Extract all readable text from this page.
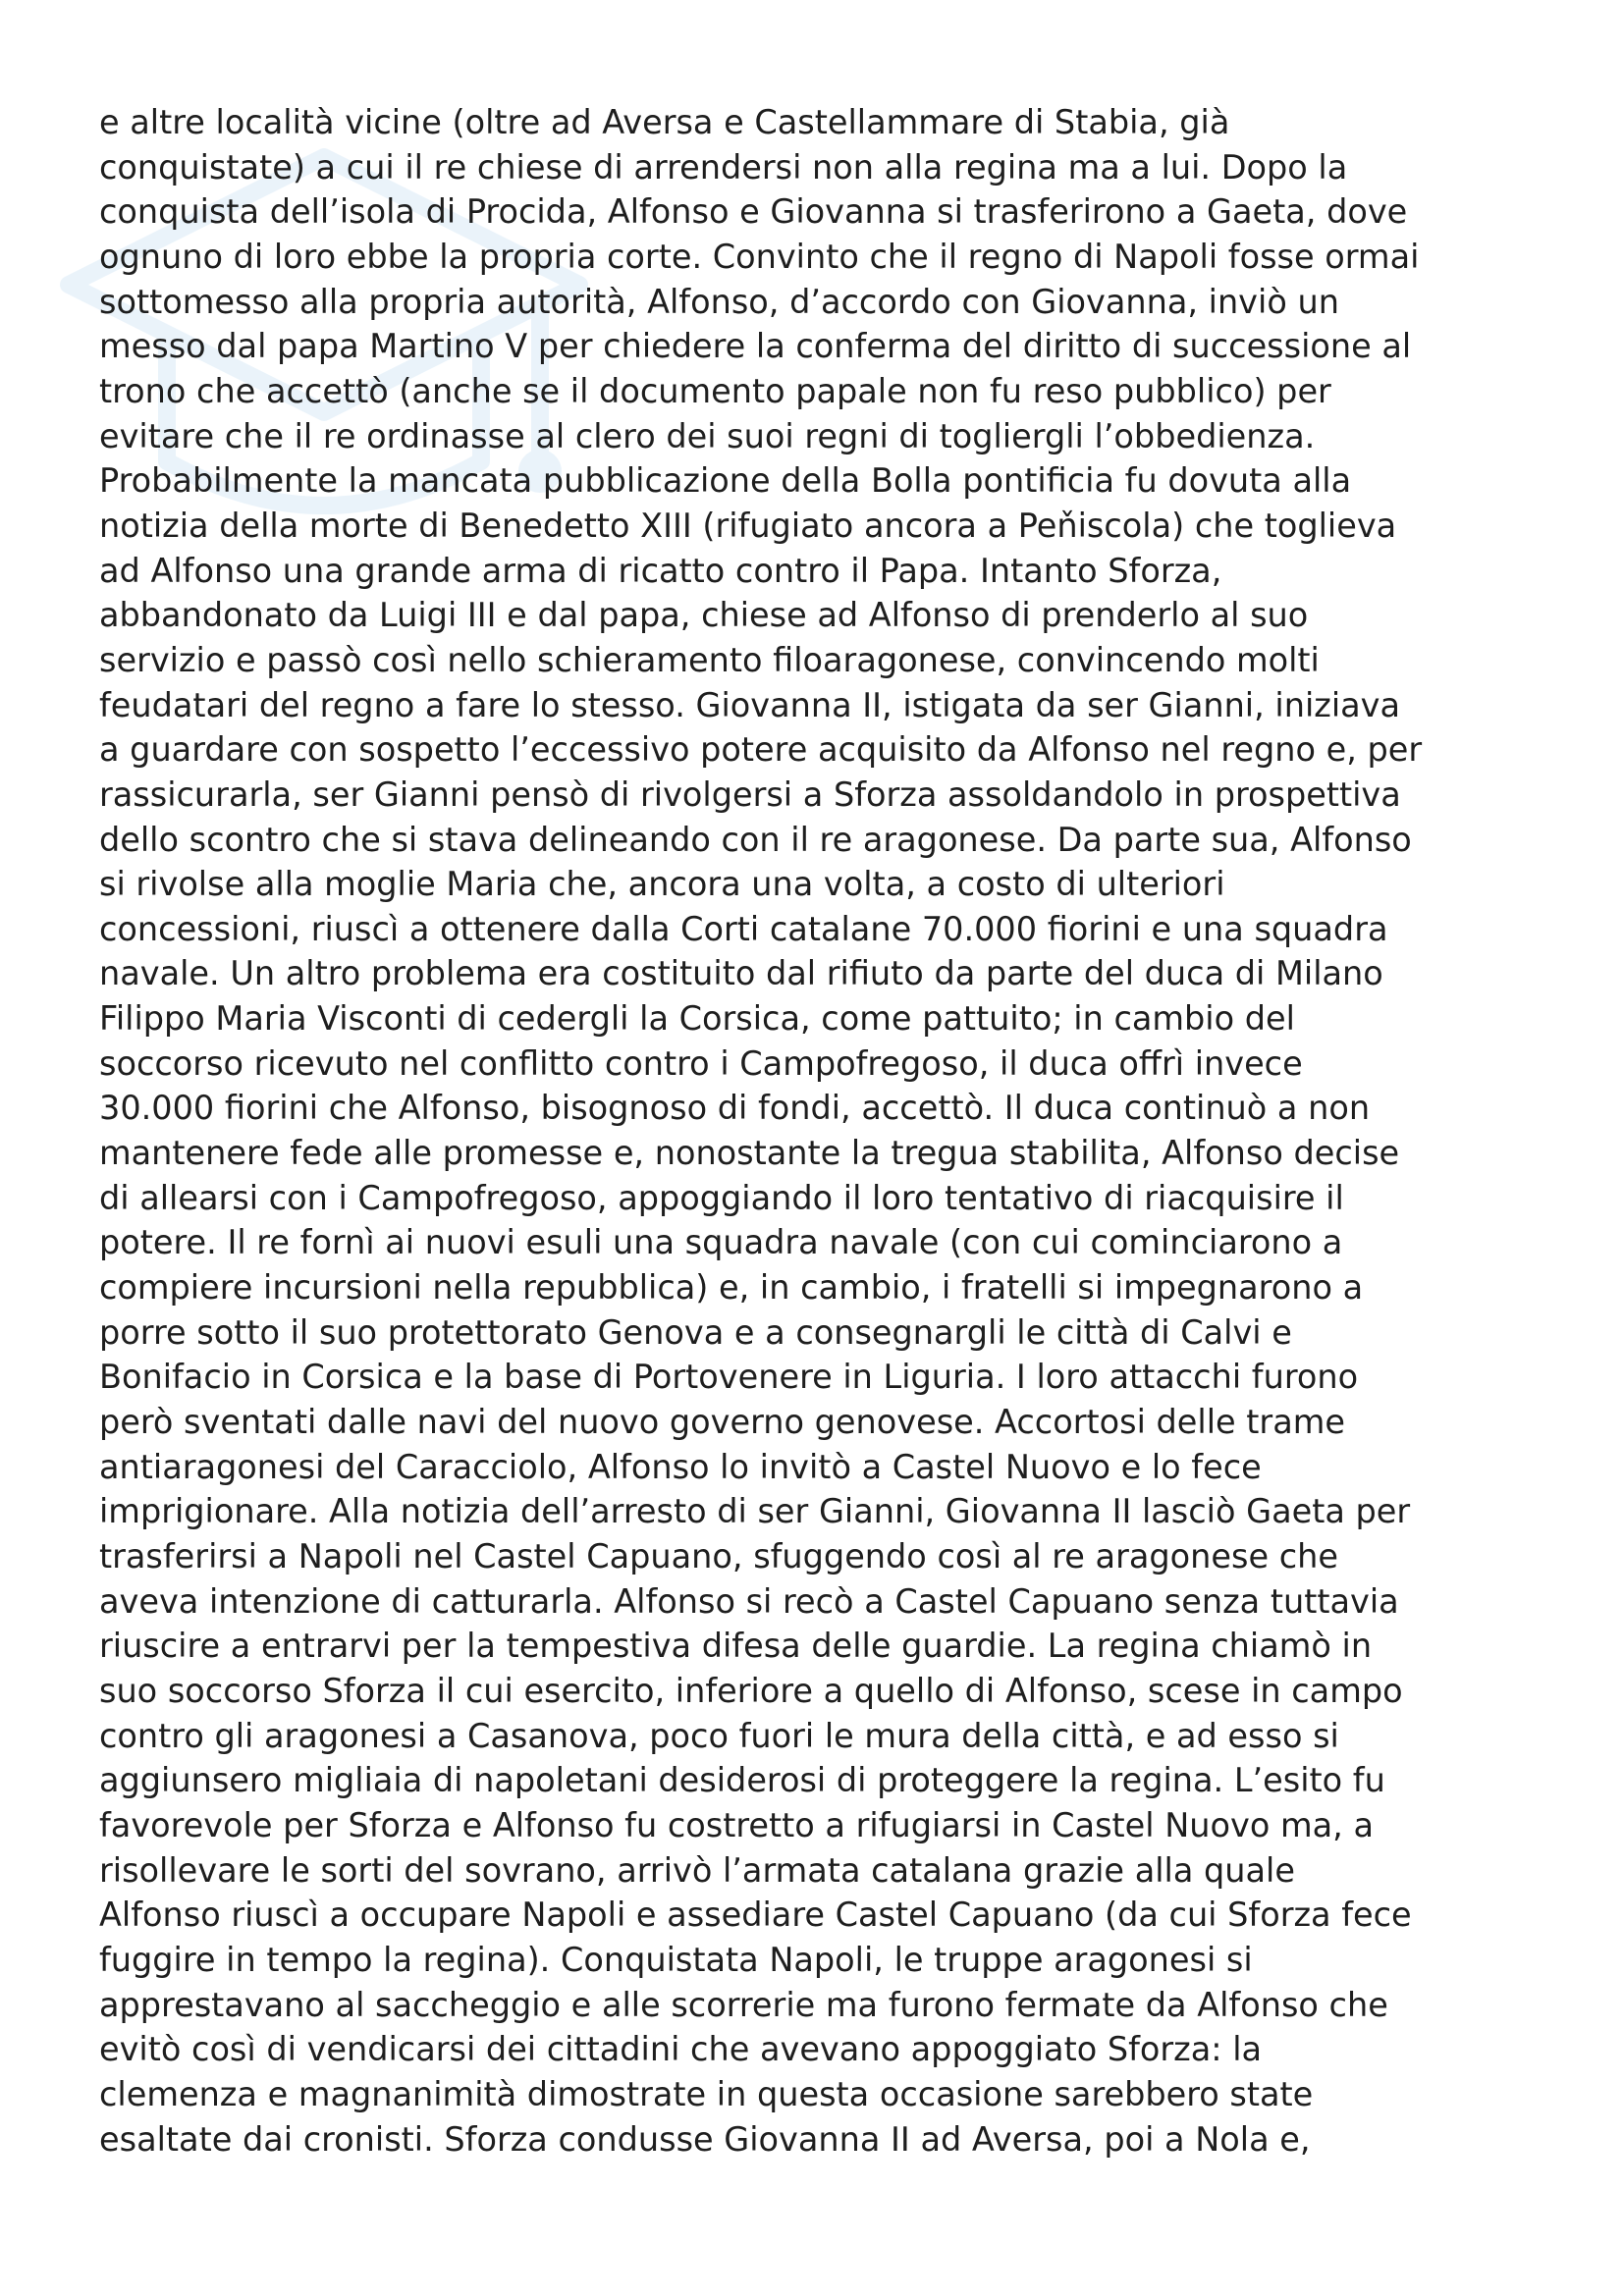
e altre località vicine (oltre ad Aversa e Castellammare di Stabia, già
conquistate) a cui il re chiese di arrendersi non alla regina ma a lui. Dopo la
conquista dell’isola di Procida, Alfonso e Giovanna si trasferirono a Gaeta, dove
ognuno di loro ebbe la propria corte. Convinto che il regno di Napoli fosse ormai
sottomesso alla propria autorità, Alfonso, d’accordo con Giovanna, inviò un
messo dal papa Martino V per chiedere la conferma del diritto di successione al
trono che accettò (anche se il documento papale non fu reso pubblico) per
evitare che il re ordinasse al clero dei suoi regni di togliergli l’obbedienza.
Probabilmente la mancata pubblicazione della Bolla pontificia fu dovuta alla
notizia della morte di Benedetto XIII (rifugiato ancora a Peňiscola) che toglieva
ad Alfonso una grande arma di ricatto contro il Papa. Intanto Sforza,
abbandonato da Luigi III e dal papa, chiese ad Alfonso di prenderlo al suo
servizio e passò così nello schieramento filoaragonese, convincendo molti
feudatari del regno a fare lo stesso. Giovanna II, istigata da ser Gianni, iniziava
a guardare con sospetto l’eccessivo potere acquisito da Alfonso nel regno e, per
rassicurarla, ser Gianni pensò di rivolgersi a Sforza assoldandolo in prospettiva
dello scontro che si stava delineando con il re aragonese. Da parte sua, Alfonso
si rivolse alla moglie Maria che, ancora una volta, a costo di ulteriori
concessioni, riuscì a ottenere dalla Corti catalane 70.000 fiorini e una squadra
navale. Un altro problema era costituito dal rifiuto da parte del duca di Milano
Filippo Maria Visconti di cedergli la Corsica, come pattuito; in cambio del
soccorso ricevuto nel conflitto contro i Campofregoso, il duca offrì invece
30.000 fiorini che Alfonso, bisognoso di fondi, accettò. Il duca continuò a non
mantenere fede alle promesse e, nonostante la tregua stabilita, Alfonso decise
di allearsi con i Campofregoso, appoggiando il loro tentativo di riacquisire il
potere. Il re fornì ai nuovi esuli una squadra navale (con cui cominciarono a
compiere incursioni nella repubblica) e, in cambio, i fratelli si impegnarono a
porre sotto il suo protettorato Genova e a consegnargli le città di Calvi e
Bonifacio in Corsica e la base di Portovenere in Liguria. I loro attacchi furono
però sventati dalle navi del nuovo governo genovese. Accortosi delle trame
antiaragonesi del Caracciolo, Alfonso lo invitò a Castel Nuovo e lo fece
imprigionare. Alla notizia dell’arresto di ser Gianni, Giovanna II lasciò Gaeta per
trasferirsi a Napoli nel Castel Capuano, sfuggendo così al re aragonese che
aveva intenzione di catturarla. Alfonso si recò a Castel Capuano senza tuttavia
riuscire a entrarvi per la tempestiva difesa delle guardie. La regina chiamò in
suo soccorso Sforza il cui esercito, inferiore a quello di Alfonso, scese in campo
contro gli aragonesi a Casanova, poco fuori le mura della città, e ad esso si
aggiunsero migliaia di napoletani desiderosi di proteggere la regina. L’esito fu
favorevole per Sforza e Alfonso fu costretto a rifugiarsi in Castel Nuovo ma, a
risollevare le sorti del sovrano, arrivò l’armata catalana grazie alla quale
Alfonso riuscì a occupare Napoli e assediare Castel Capuano (da cui Sforza fece
fuggire in tempo la regina). Conquistata Napoli, le truppe aragonesi si
apprestavano al saccheggio e alle scorrerie ma furono fermate da Alfonso che
evitò così di vendicarsi dei cittadini che avevano appoggiato Sforza: la
clemenza e magnanimità dimostrate in questa occasione sarebbero state
esaltate dai cronisti. Sforza condusse Giovanna II ad Aversa, poi a Nola e,
